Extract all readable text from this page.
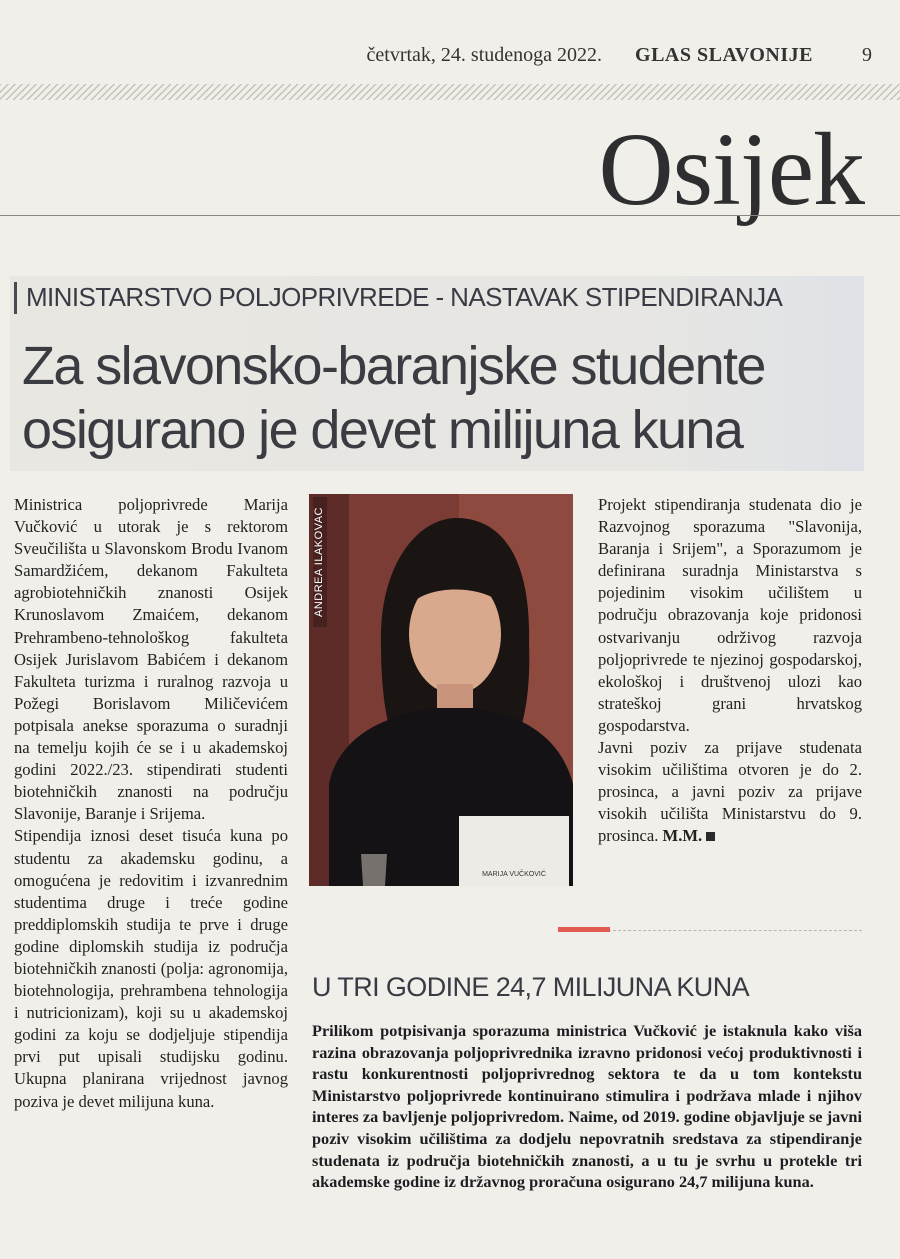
četvrtak, 24. studenoga 2022. GLAS SLAVONIJE 9
Osijek
MINISTARSTVO POLJOPRIVREDE - NASTAVAK STIPENDIRANJA
Za slavonsko-baranjske studente
osigurano je devet milijuna kuna

Ministrica poljoprivrede Marija Vučković u utorak je s rektorom Sveučilišta u Slavonskom Brodu Ivanom Samardžićem, dekanom Fakulteta agrobiotehničkih znanosti Osijek Krunoslavom Zmaićem, dekanom Prehrambeno-tehnološkog fakulteta Osijek Jurislavom Babićem i dekanom Fakulteta turizma i ruralnog razvoja u Požegi Borislavom Miličevićem potpisala anekse sporazuma o suradnji na temelju kojih će se i u akademskoj godini 2022./23. stipendirati studenti biotehničkih znanosti na području Slavonije, Baranje i Srijema.

Stipendija iznosi deset tisuća kuna po studentu za akademsku godinu, a omogućena je redovitim i izvanrednim studentima druge i treće godine preddiplomskih studija te prve i druge godine diplomskih studija iz područja biotehničkih znanosti (polja: agronomija, biotehnologija, prehrambena tehnologija i nutricionizam), koji su u akademskoj godini za koju se dodjeljuje stipendija prvi put upisali studijsku godinu. Ukupna planirana vrijednost javnog poziva je devet milijuna kuna.

MARIJA VUČKOVIĆ
ANDREA ILAKOVAC

Projekt stipendiranja studenata dio je Razvojnog sporazuma "Slavonija, Baranja i Srijem", a Sporazumom je definirana suradnja Ministarstva s pojedinim visokim učilištem u području obrazovanja koje pridonosi ostvarivanju održivog razvoja poljoprivrede te njezinoj gospodarskoj, ekološkoj i društvenoj ulozi kao strateškoj grani hrvatskog gospodarstva.

Javni poziv za prijave studenata visokim učilištima otvoren je do 2. prosinca, a javni poziv za prijave visokih učilišta Ministarstvu do 9. prosinca. M.M.

U TRI GODINE 24,7 MILIJUNA KUNA
Prilikom potpisivanja sporazuma ministrica Vučković je istaknula kako viša razina obrazovanja poljoprivrednika izravno pridonosi većoj produktivnosti i rastu konkurentnosti poljoprivrednog sektora te da u tom kontekstu Ministarstvo poljoprivrede kontinuirano stimulira i podržava mlade i njihov interes za bavljenje poljoprivredom. Naime, od 2019. godine objavljuje se javni poziv visokim učilištima za dodjelu nepovratnih sredstava za stipendiranje studenata iz područja biotehničkih znanosti, a u tu je svrhu u protekle tri akademske godine iz državnog proračuna osigurano 24,7 milijuna kuna.
